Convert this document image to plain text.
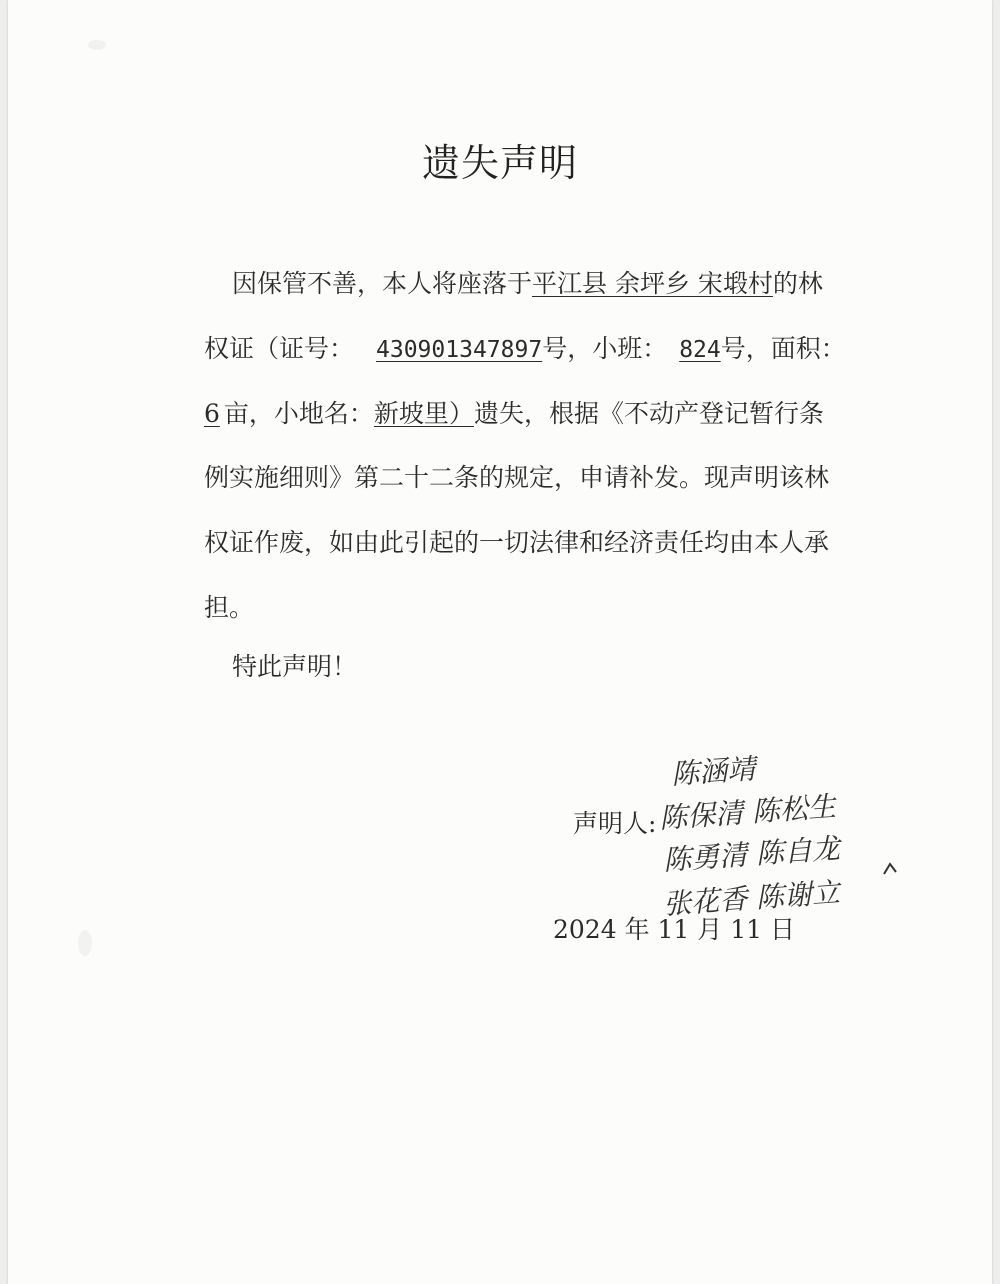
遗失声明
因保管不善，本人将座落于平江县 余坪乡 宋塅村的林
权证（证号： 430901347897号，小班： 824号，面积：
6 亩，小地名：新坡里）遗失，根据《不动产登记暂行条
例实施细则》第二十二条的规定，申请补发。现声明该林
权证作废，如由此引起的一切法律和经济责任均由本人承
担。
特此声明！
声明人:
陈涵靖
陈保清 陈松生
陈勇清 陈自龙
张花香 陈谢立
2024 年 11 月 11 日
